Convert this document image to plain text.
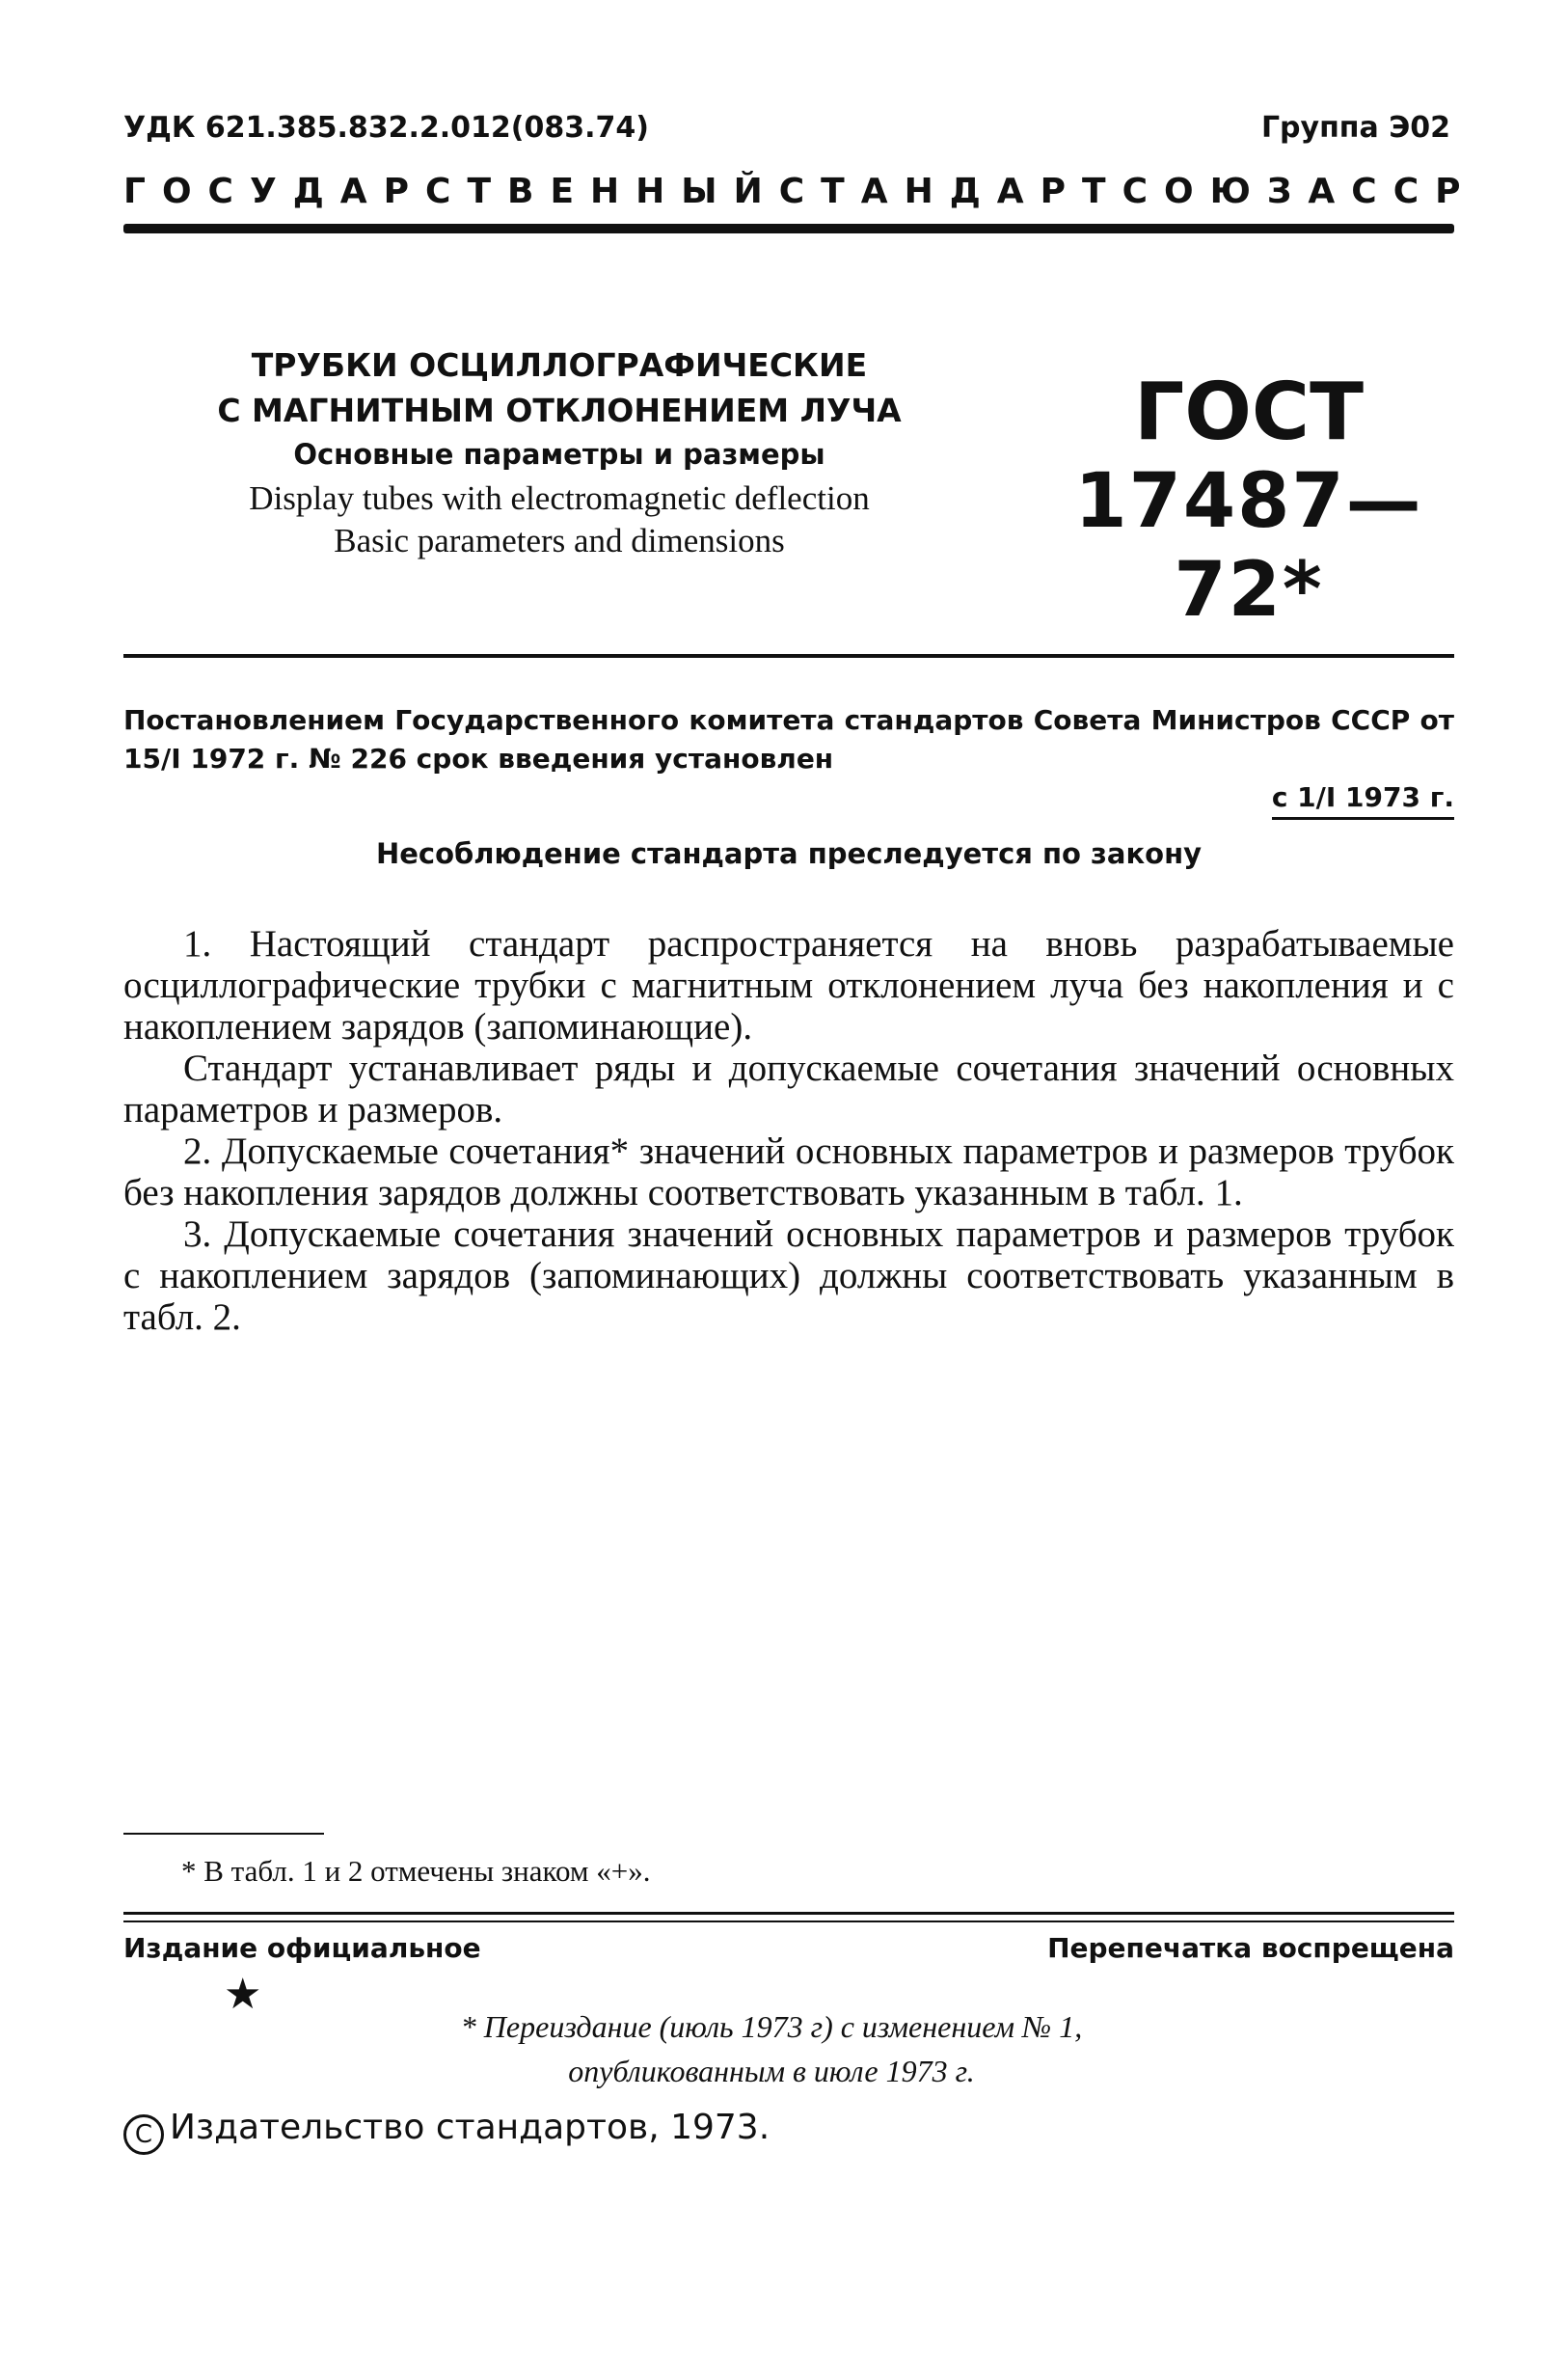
УДК 621.385.832.2.012(083.74)	Группа Э02
ГОСУДАРСТВЕННЫЙ СТАНДАРТ СОЮЗА ССР
ТРУБКИ ОСЦИЛЛОГРАФИЧЕСКИЕ
С МАГНИТНЫМ ОТКЛОНЕНИЕМ ЛУЧА
Основные параметры и размеры
Display tubes with electromagnetic deflection
Basic parameters and dimensions
ГОСТ
17487—72*
Постановлением Государственного комитета стандартов Совета Министров СССР от 15/I 1972 г. № 226 срок введения установлен
с 1/I 1973 г.
Несоблюдение стандарта преследуется по закону

1. Настоящий стандарт распространяется на вновь разрабатываемые осциллографические трубки с магнитным отклонением луча без накопления и с накоплением зарядов (запоминающие).

Стандарт устанавливает ряды и допускаемые сочетания значений основных параметров и размеров.

2. Допускаемые сочетания* значений основных параметров и размеров трубок без накопления зарядов должны соответствовать указанным в табл. 1.

3. Допускаемые сочетания значений основных параметров и размеров трубок с накоплением зарядов (запоминающих) должны соответствовать указанным в табл. 2.

* В табл. 1 и 2 отмечены знаком «+».
Издание официальное	Перепечатка воспрещена
★
* Переиздание (июль 1973 г) с изменением № 1,
опубликованным в июле 1973 г.
C Издательство стандартов, 1973.
